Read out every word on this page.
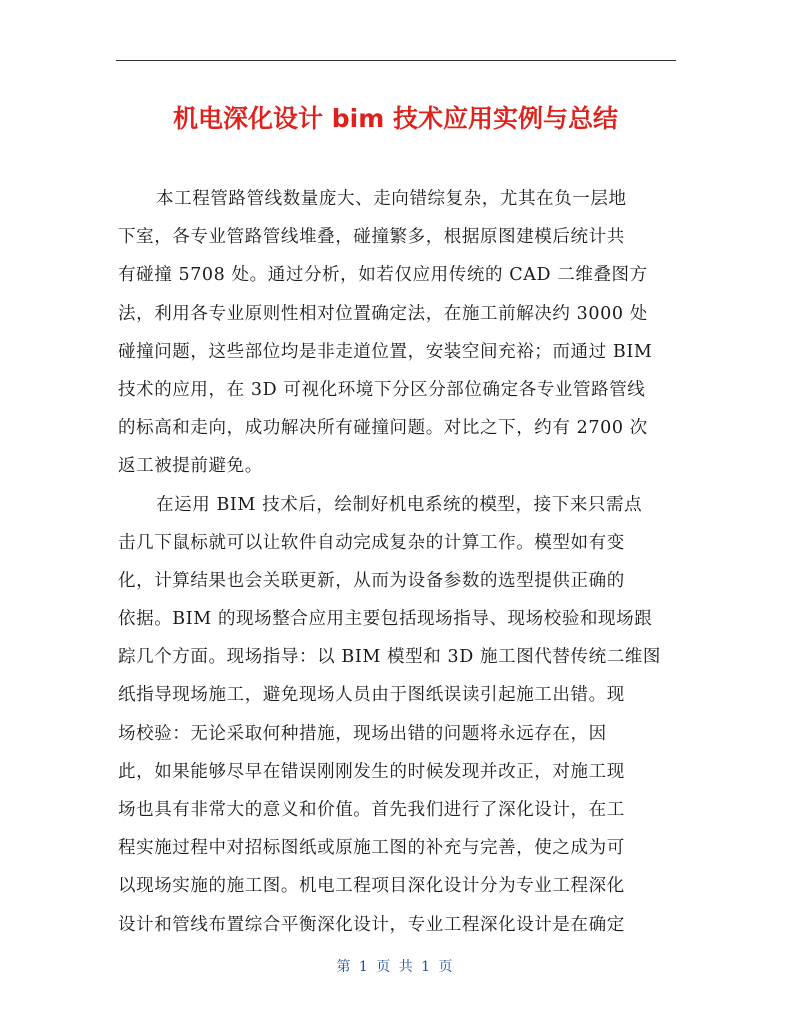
机电深化设计 bim 技术应用实例与总结
本工程管路管线数量庞大、走向错综复杂，尤其在负一层地
下室，各专业管路管线堆叠，碰撞繁多，根据原图建模后统计共
有碰撞 5708 处。通过分析，如若仅应用传统的 CAD 二维叠图方
法，利用各专业原则性相对位置确定法，在施工前解决约 3000 处
碰撞问题，这些部位均是非走道位置，安装空间充裕；而通过 BIM
技术的应用，在 3D 可视化环境下分区分部位确定各专业管路管线
的标高和走向，成功解决所有碰撞问题。对比之下，约有 2700 次
返工被提前避免。
在运用 BIM 技术后，绘制好机电系统的模型，接下来只需点
击几下鼠标就可以让软件自动完成复杂的计算工作。模型如有变
化，计算结果也会关联更新，从而为设备参数的选型提供正确的
依据。BIM 的现场整合应用主要包括现场指导、现场校验和现场跟
踪几个方面。现场指导：以 BIM 模型和 3D 施工图代替传统二维图
纸指导现场施工，避免现场人员由于图纸误读引起施工出错。现
场校验：无论采取何种措施，现场出错的问题将永远存在，因
此，如果能够尽早在错误刚刚发生的时候发现并改正，对施工现
场也具有非常大的意义和价值。首先我们进行了深化设计，在工
程实施过程中对招标图纸或原施工图的补充与完善，使之成为可
以现场实施的施工图。机电工程项目深化设计分为专业工程深化
设计和管线布置综合平衡深化设计，专业工程深化设计是在确定
第 1 页 共 1 页
